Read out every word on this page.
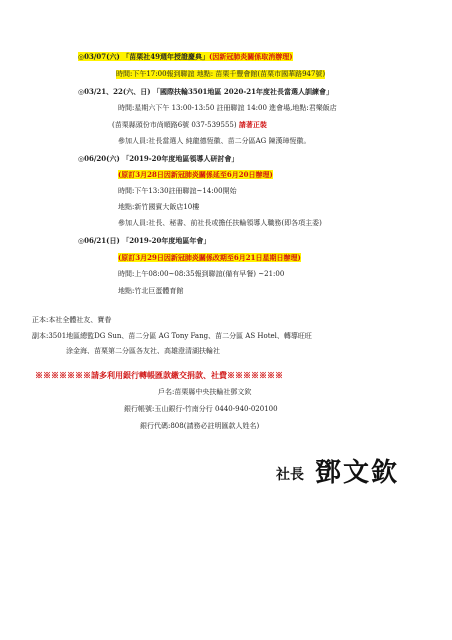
◎03/07(六) 「苗栗社49週年授證慶典」(因新冠肺炎關係取消辦理)
時間:下午17:00報到聯誼 地點: 苗栗千豐會館(苗栗市國華路947號)
◎03/21、22(六、日) 「國際扶輪3501地區 2020-21年度社長當選人訓練會」
時間:星期六下午 13:00-13:50 註冊聯誼 14:00 進會場,地點:君樂飯店
(苗栗縣頭份市尚順路6號 037-539555) 請著正裝
參加人員:社長當選人 純龍德恆徽、苗二分區AG 陳漢璋恆徽。
◎06/20(六) 「2019-20年度地區領導人研討會」
(原訂3月28日因新冠肺炎關係延至6月20日辦理)
時間:下午13:30註冊聯誼~14:00開始
地點:新竹國賓大飯店10樓
參加人員:社長、秘書、前社長或擔任扶輪領導人職務(即各項主委)
◎06/21(日) 「2019-20年度地區年會」
(原訂3月29日因新冠肺炎關係改期至6月21日星期日辦理)
時間:上午08:00~08:35報到聯誼(備有早餐) ~21:00
地點:竹北巨蛋體育館
正本:本社全體社友、寶眷
副本:3501地區總監DG Sun、苗二分區 AG Tony Fang、苗二分區 AS Hotel、轉導旺旺
涂金海、苗栗第二分區各友社、高雄澄清湖扶輪社
※※※※※※※請多利用銀行轉帳匯款繳交捐款、社費※※※※※※※
戶名:苗栗縣中央扶輪社鄧文欽
銀行帳號:玉山銀行-竹南分行 0440-940-020100
銀行代碼:808(請務必註明匯款人姓名)
社長 鄧文欽
